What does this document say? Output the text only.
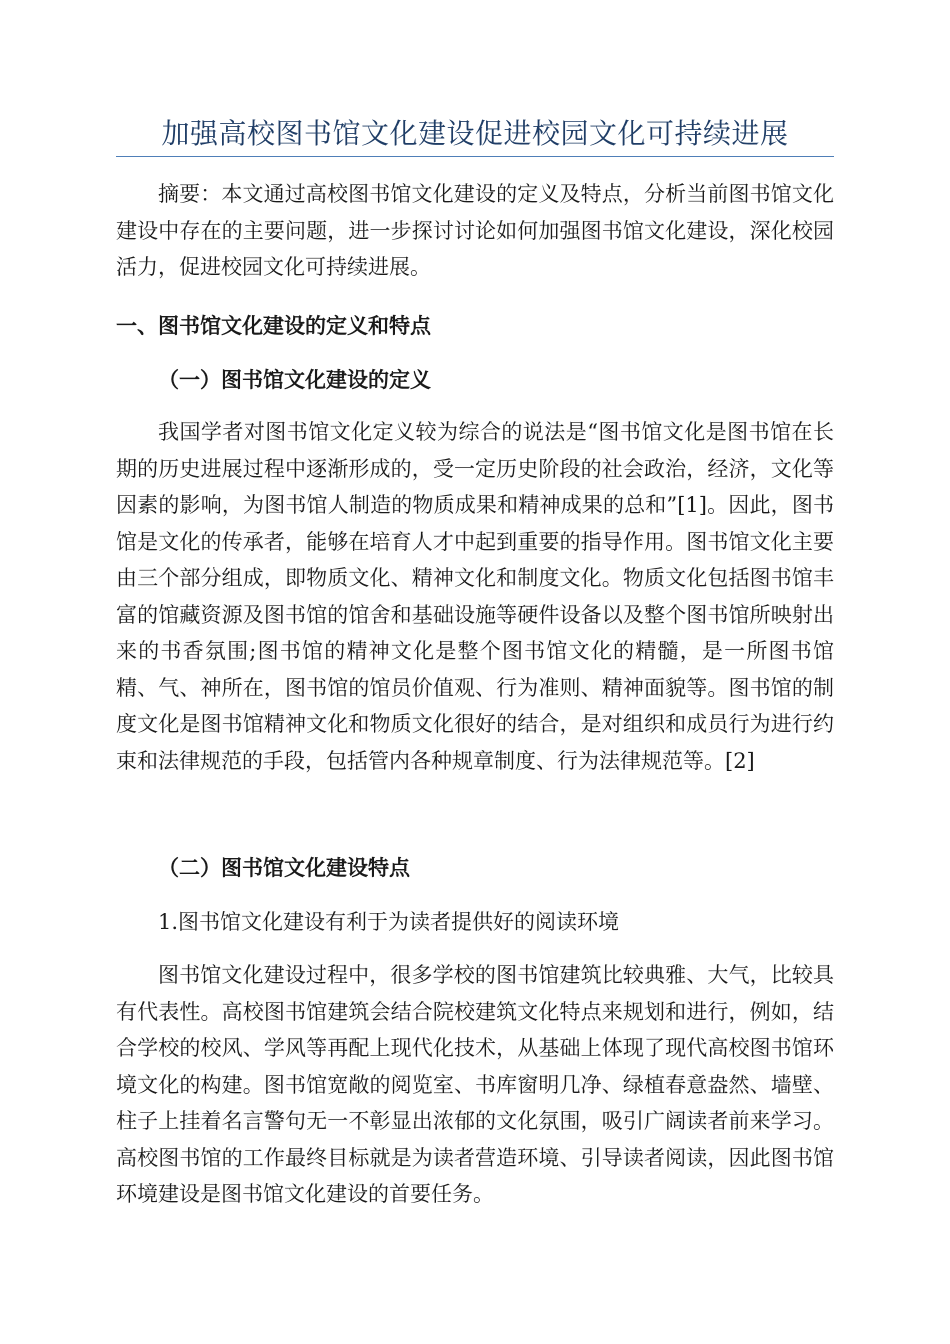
加强高校图书馆文化建设促进校园文化可持续进展

摘要：本文通过高校图书馆文化建设的定义及特点，分析当前图书馆文化建设中存在的主要问题，进一步探讨讨论如何加强图书馆文化建设，深化校园活力，促进校园文化可持续进展。

一、图书馆文化建设的定义和特点
（一）图书馆文化建设的定义

我国学者对图书馆文化定义较为综合的说法是“图书馆文化是图书馆在长期的历史进展过程中逐渐形成的，受一定历史阶段的社会政治，经济，文化等因素的影响，为图书馆人制造的物质成果和精神成果的总和”[1]。因此，图书馆是文化的传承者，能够在培育人才中起到重要的指导作用。图书馆文化主要由三个部分组成，即物质文化、精神文化和制度文化。物质文化包括图书馆丰富的馆藏资源及图书馆的馆舍和基础设施等硬件设备以及整个图书馆所映射出来的书香氛围;图书馆的精神文化是整个图书馆文化的精髓，是一所图书馆精、气、神所在，图书馆的馆员价值观、行为准则、精神面貌等。图书馆的制度文化是图书馆精神文化和物质文化很好的结合，是对组织和成员行为进行约束和法律规范的手段，包括管内各种规章制度、行为法律规范等。[2]

（二）图书馆文化建设特点
1.图书馆文化建设有利于为读者提供好的阅读环境

图书馆文化建设过程中，很多学校的图书馆建筑比较典雅、大气，比较具有代表性。高校图书馆建筑会结合院校建筑文化特点来规划和进行，例如，结合学校的校风、学风等再配上现代化技术，从基础上体现了现代高校图书馆环境文化的构建。图书馆宽敞的阅览室、书库窗明几净、绿植春意盎然、墙壁、柱子上挂着名言警句无一不彰显出浓郁的文化氛围，吸引广阔读者前来学习。高校图书馆的工作最终目标就是为读者营造环境、引导读者阅读，因此图书馆环境建设是图书馆文化建设的首要任务。
